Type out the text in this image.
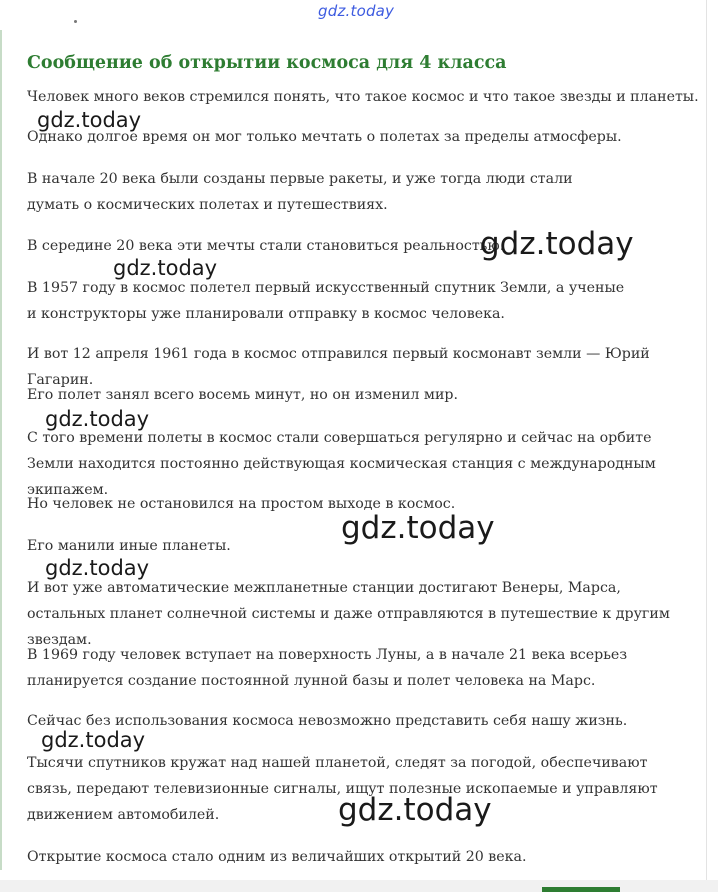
gdz.today
Сообщение об открытии космоса для 4 класса

Человек много веков стремился понять, что такое космос и что такое звезды и планеты.

Однако долгое время он мог только мечтать о полетах за пределы атмосферы.

В начале 20 века были созданы первые ракеты, и уже тогда люди стали думать о космических полетах и путешествиях.

В середине 20 века эти мечты стали становиться реальностью.

В 1957 году в космос полетел первый искусственный спутник Земли, а ученые и конструкторы уже планировали отправку в космос человека.

И вот 12 апреля 1961 года в космос отправился первый космонавт земли — Юрий Гагарин.

Его полет занял всего восемь минут, но он изменил мир.

С того времени полеты в космос стали совершаться регулярно и сейчас на орбите Земли находится постоянно действующая космическая станция с международным экипажем.

Но человек не остановился на простом выходе в космос.

Его манили иные планеты.

И вот уже автоматические межпланетные станции достигают Венеры, Марса, остальных планет солнечной системы и даже отправляются в путешествие к другим звездам.

В 1969 году человек вступает на поверхность Луны, а в начале 21 века всерьез планируется создание постоянной лунной базы и полет человека на Марс.

Сейчас без использования космоса невозможно представить себя нашу жизнь.

Тысячи спутников кружат над нашей планетой, следят за погодой, обеспечивают связь, передают телевизионные сигналы, ищут полезные ископаемые и управляют движением автомобилей.

Открытие космоса стало одним из величайших открытий 20 века.

gdz.today
gdz.today
gdz.today
gdz.today
gdz.today
gdz.today
gdz.today
gdz.today
